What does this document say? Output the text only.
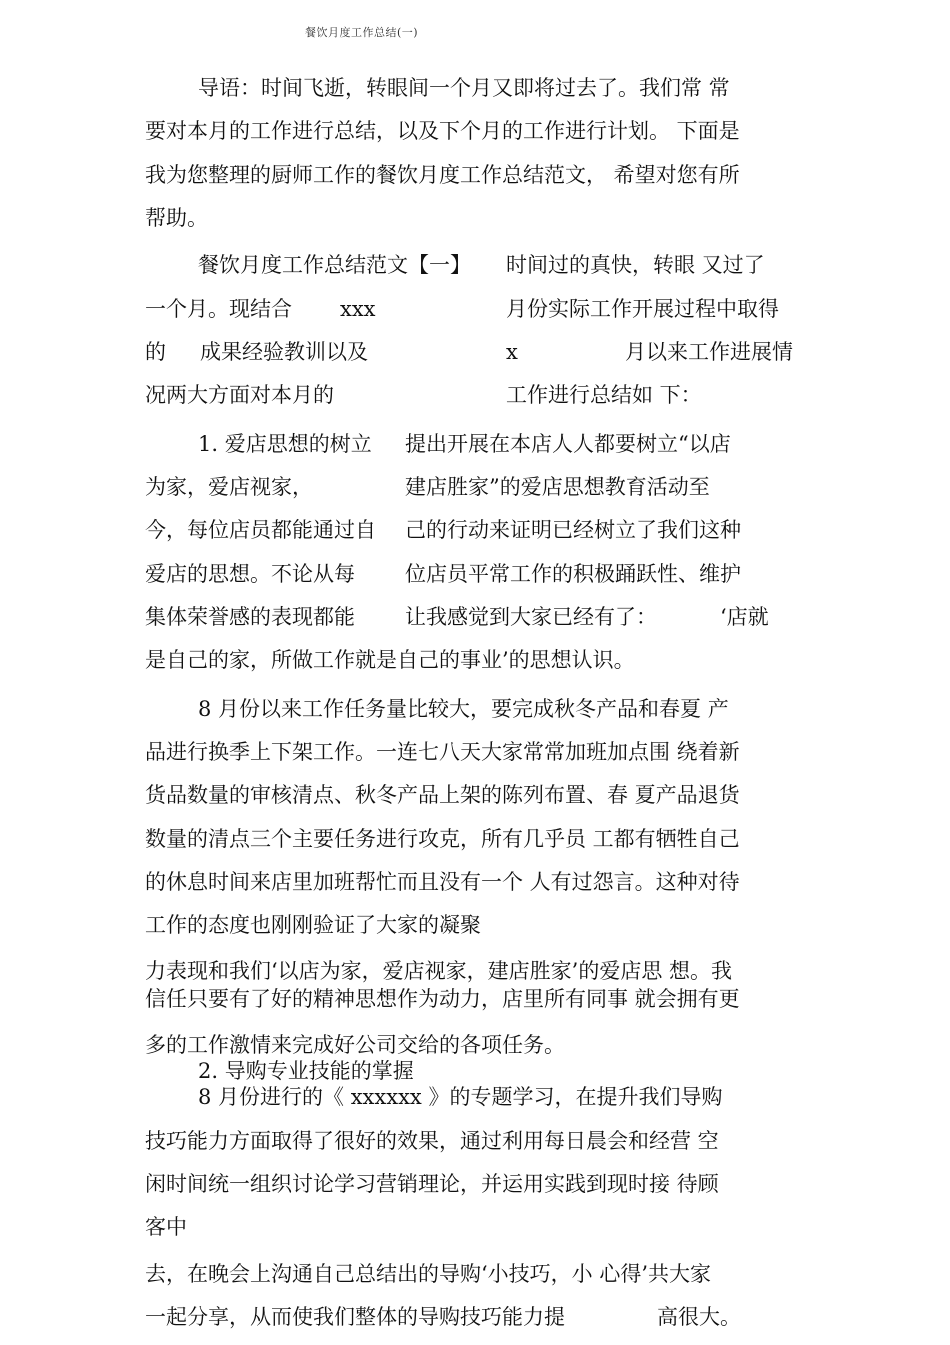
餐饮月度工作总结(一)
导语：时间飞逝，转眼间一个月又即将过去了。我们常 常
要对本月的工作进行总结，以及下个月的工作进行计划。 下面是
我为您整理的厨师工作的餐饮月度工作总结范文， 希望对您有所
帮助。
餐饮月度工作总结范文【一】 时间过的真快，转眼 又过了
一个月。现结合 xxx	月份实际工作开展过程中取得
的 成果经验教训以及	x	月以来工作进展情
况两大方面对本月的	工作进行总结如 下：
1. 爱店思想的树立 提出开展在本店人人都要树立“以店
为家，爱店视家，	建店胜家”的爱店思想教育活动至
今，每位店员都能通过自 己的行动来证明已经树立了我们这种
爱店的思想。不论从每 位店员平常工作的积极踊跃性、维护
集体荣誉感的表现都能 让我感觉到大家已经有了：	‘店就
是自己的家，所做工作就是自己的事业’的思想认识。
8 月份以来工作任务量比较大，要完成秋冬产品和春夏 产
品进行换季上下架工作。一连七八天大家常常加班加点围 绕着新
货品数量的审核清点、秋冬产品上架的陈列布置、春 夏产品退货
数量的清点三个主要任务进行攻克，所有几乎员 工都有牺牲自己
的休息时间来店里加班帮忙而且没有一个 人有过怨言。这种对待
工作的态度也刚刚验证了大家的凝聚
力表现和我们‘以店为家，爱店视家，建店胜家’的爱店思 想。我
信任只要有了好的精神思想作为动力，店里所有同事 就会拥有更
多的工作激情来完成好公司交给的各项任务。
2. 导购专业技能的掌握
8 月份进行的《 xxxxxx 》的专题学习，在提升我们导购
技巧能力方面取得了很好的效果，通过利用每日晨会和经营 空
闲时间统一组织讨论学习营销理论，并运用实践到现时接 待顾
客中
去，在晚会上沟通自己总结出的导购‘小技巧，小 心得’共大家
一起分享，从而使我们整体的导购技巧能力提	高很大。
